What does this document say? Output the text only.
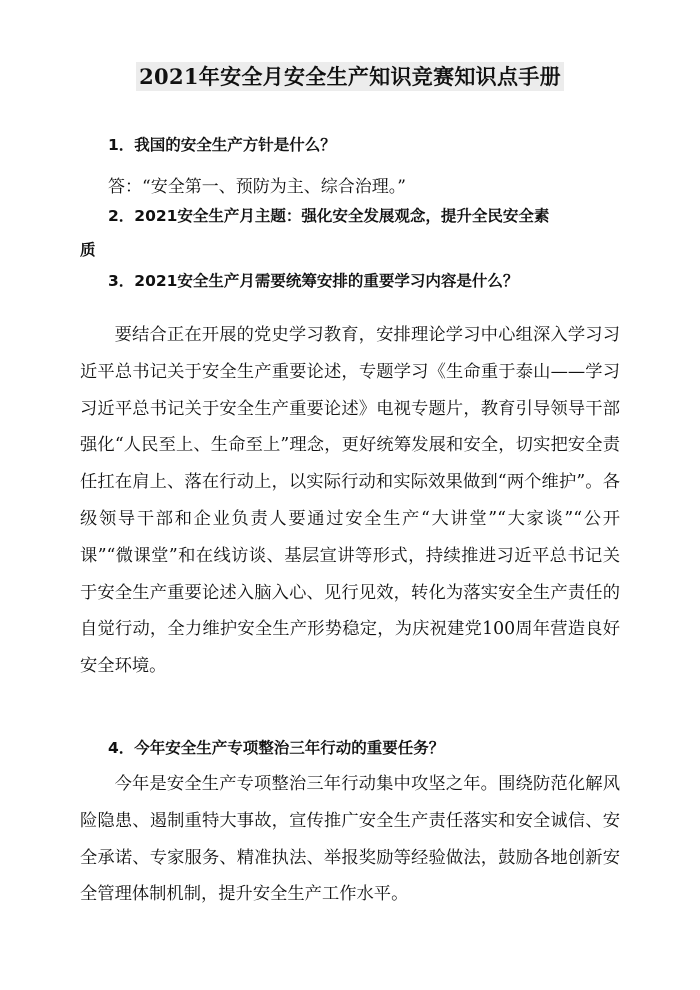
2021年安全月安全生产知识竞赛知识点手册
1．我国的安全生产方针是什么？
答：“安全第一、预防为主、综合治理。”
2．2021安全生产月主题：强化安全发展观念，提升全民安全素
质
3．2021安全生产月需要统筹安排的重要学习内容是什么？
要结合正在开展的党史学习教育，安排理论学习中心组深入学习习近平总书记关于安全生产重要论述，专题学习《生命重于泰山——学习习近平总书记关于安全生产重要论述》电视专题片，教育引导领导干部强化“人民至上、生命至上”理念，更好统筹发展和安全，切实把安全责任扛在肩上、落在行动上，以实际行动和实际效果做到“两个维护”。各级领导干部和企业负责人要通过安全生产“大讲堂”“大家谈”“公开课”“微课堂”和在线访谈、基层宣讲等形式，持续推进习近平总书记关于安全生产重要论述入脑入心、见行见效，转化为落实安全生产责任的自觉行动，全力维护安全生产形势稳定，为庆祝建党100周年营造良好安全环境。
4．今年安全生产专项整治三年行动的重要任务？
今年是安全生产专项整治三年行动集中攻坚之年。围绕防范化解风险隐患、遏制重特大事故，宣传推广安全生产责任落实和安全诚信、安全承诺、专家服务、精准执法、举报奖励等经验做法，鼓励各地创新安全管理体制机制，提升安全生产工作水平。
